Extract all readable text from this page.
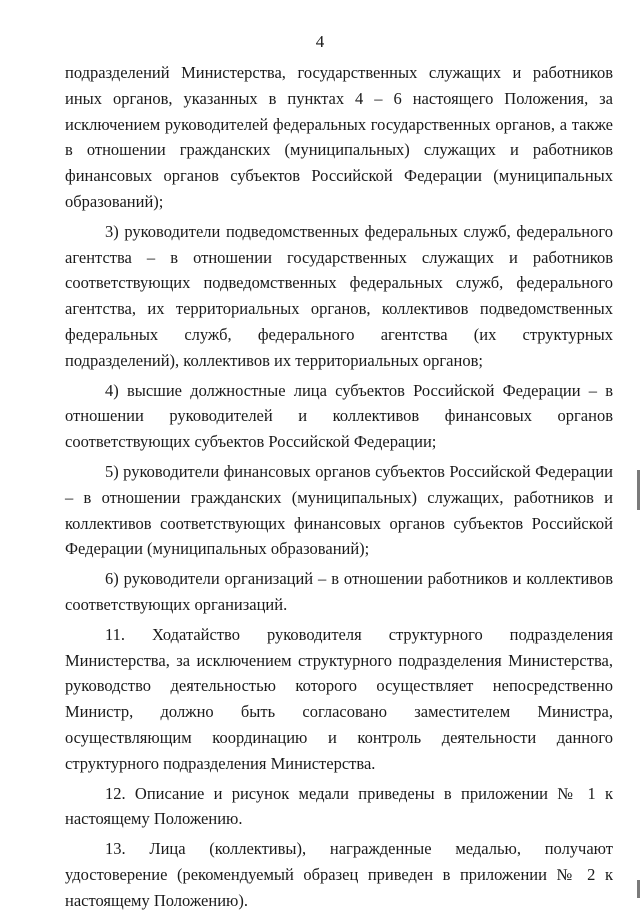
4

подразделений Министерства, государственных служащих и работников иных органов, указанных в пунктах 4 – 6 настоящего Положения, за исключением руководителей федеральных государственных органов, а также в отношении гражданских (муниципальных) служащих и работников финансовых органов субъектов Российской Федерации (муниципальных образований);

3) руководители подведомственных федеральных служб, федерального агентства – в отношении государственных служащих и работников соответствующих подведомственных федеральных служб, федерального агентства, их территориальных органов, коллективов подведомственных федеральных служб, федерального агентства (их структурных подразделений), коллективов их территориальных органов;

4) высшие должностные лица субъектов Российской Федерации – в отношении руководителей и коллективов финансовых органов соответствующих субъектов Российской Федерации;

5) руководители финансовых органов субъектов Российской Федерации – в отношении гражданских (муниципальных) служащих, работников и коллективов соответствующих финансовых органов субъектов Российской Федерации (муниципальных образований);

6) руководители организаций – в отношении работников и коллективов соответствующих организаций.

11. Ходатайство руководителя структурного подразделения Министерства, за исключением структурного подразделения Министерства, руководство деятельностью которого осуществляет непосредственно Министр, должно быть согласовано заместителем Министра, осуществляющим координацию и контроль деятельности данного структурного подразделения Министерства.

12. Описание и рисунок медали приведены в приложении № 1 к настоящему Положению.

13. Лица (коллективы), награжденные медалью, получают удостоверение (рекомендуемый образец приведен в приложении № 2 к настоящему Положению).
